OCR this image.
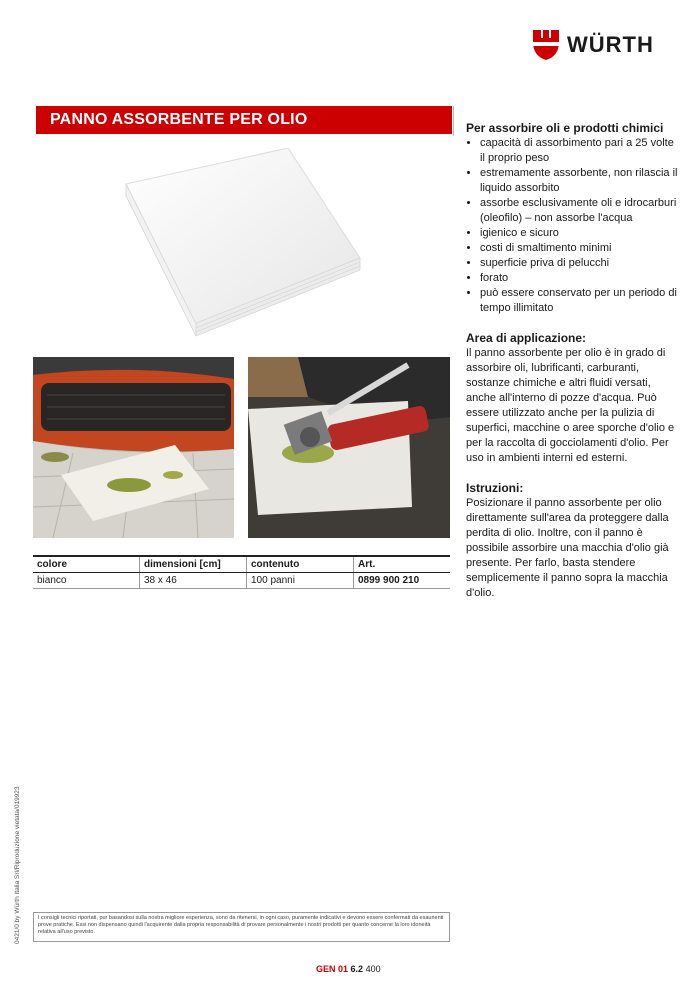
WÜRTH
PANNO ASSORBENTE PER OLIO
colore	dimensioni [cm]	contenuto	Art.
bianco	38 x 46	100 panni	0899 900 210
Per assorbire oli e prodotti chimici
• capacità di assorbimento pari a 25 volte il proprio peso
• estremamente assorbente, non rilascia il liquido assorbito
• assorbe esclusivamente oli e idrocarburi (oleofilo) – non assorbe l'acqua
• igienico e sicuro
• costi di smaltimento minimi
• superficie priva di pelucchi
• forato
• può essere conservato per un periodo di tempo illimitato
Area di applicazione:

Il panno assorbente per olio è in grado di assorbire oli, lubrificanti, carburanti, sostanze chimiche e altri fluidi versati, anche all'interno di pozze d'acqua. Può essere utilizzato anche per la pulizia di superfici, macchine o aree sporche d'olio e per la raccolta di gocciolamenti d'olio. Per uso in ambienti interni ed esterni.

Istruzioni:

Posizionare il panno assorbente per olio direttamente sull'area da proteggere dalla perdita di olio. Inoltre, con il panno è possibile assorbire una macchia d'olio già presente. Per farlo, basta stendere semplicemente il panno sopra la macchia d'olio.

0421/0 by Würth Italia Srl/Riproduzione vietata/019923	I consigli tecnici riportati, pur basandosi sulla nostra migliore esperienza, sono da ritenersi, in ogni caso, puramente indicativi e devono essere confermati da esaurienti prove pratiche. Essi non dispensano quindi l'acquirente dalla propria responsabilità di provare personalmente i nostri prodotti per quanto concerne la loro idoneità relativa all'uso previsto.
GEN 01 6.2 400
